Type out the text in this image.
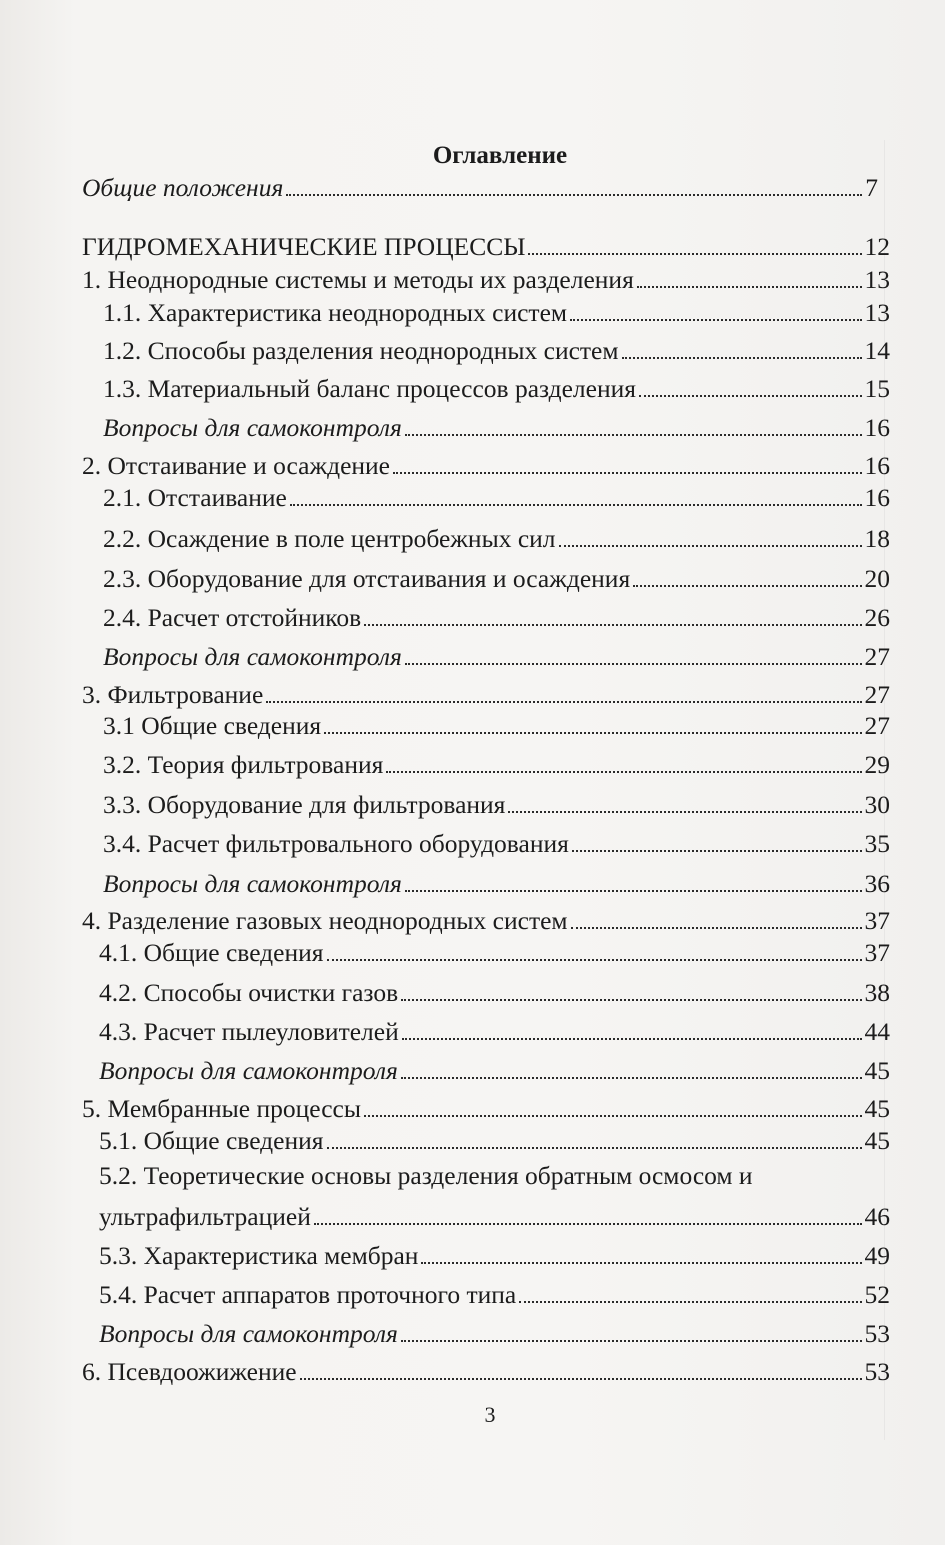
Оглавление
Общие положения	7
ГИДРОМЕХАНИЧЕСКИЕ ПРОЦЕССЫ	12
1. Неоднородные системы и методы их разделения	13
1.1. Характеристика неоднородных систем	13
1.2. Способы разделения неоднородных систем	14
1.3. Материальный баланс процессов разделения	15
Вопросы для самоконтроля	16
2. Отстаивание и осаждение	16
2.1. Отстаивание	16
2.2. Осаждение в поле центробежных сил	18
2.3. Оборудование для отстаивания и осаждения	20
2.4. Расчет отстойников	26
Вопросы для самоконтроля	27
3. Фильтрование	27
3.1 Общие сведения	27
3.2. Теория фильтрования	29
3.3. Оборудование для фильтрования	30
3.4. Расчет фильтровального оборудования	35
Вопросы для самоконтроля	36
4. Разделение газовых неоднородных систем	37
4.1. Общие сведения	37
4.2. Способы очистки газов	38
4.3. Расчет пылеуловителей	44
Вопросы для самоконтроля	45
5. Мембранные процессы	45
5.1. Общие сведения	45
5.2. Теоретические основы разделения обратным осмосом и
ультрафильтрацией	46
5.3. Характеристика мембран	49
5.4. Расчет аппаратов проточного типа	52
Вопросы для самоконтроля	53
6. Псевдоожижение	53
3
